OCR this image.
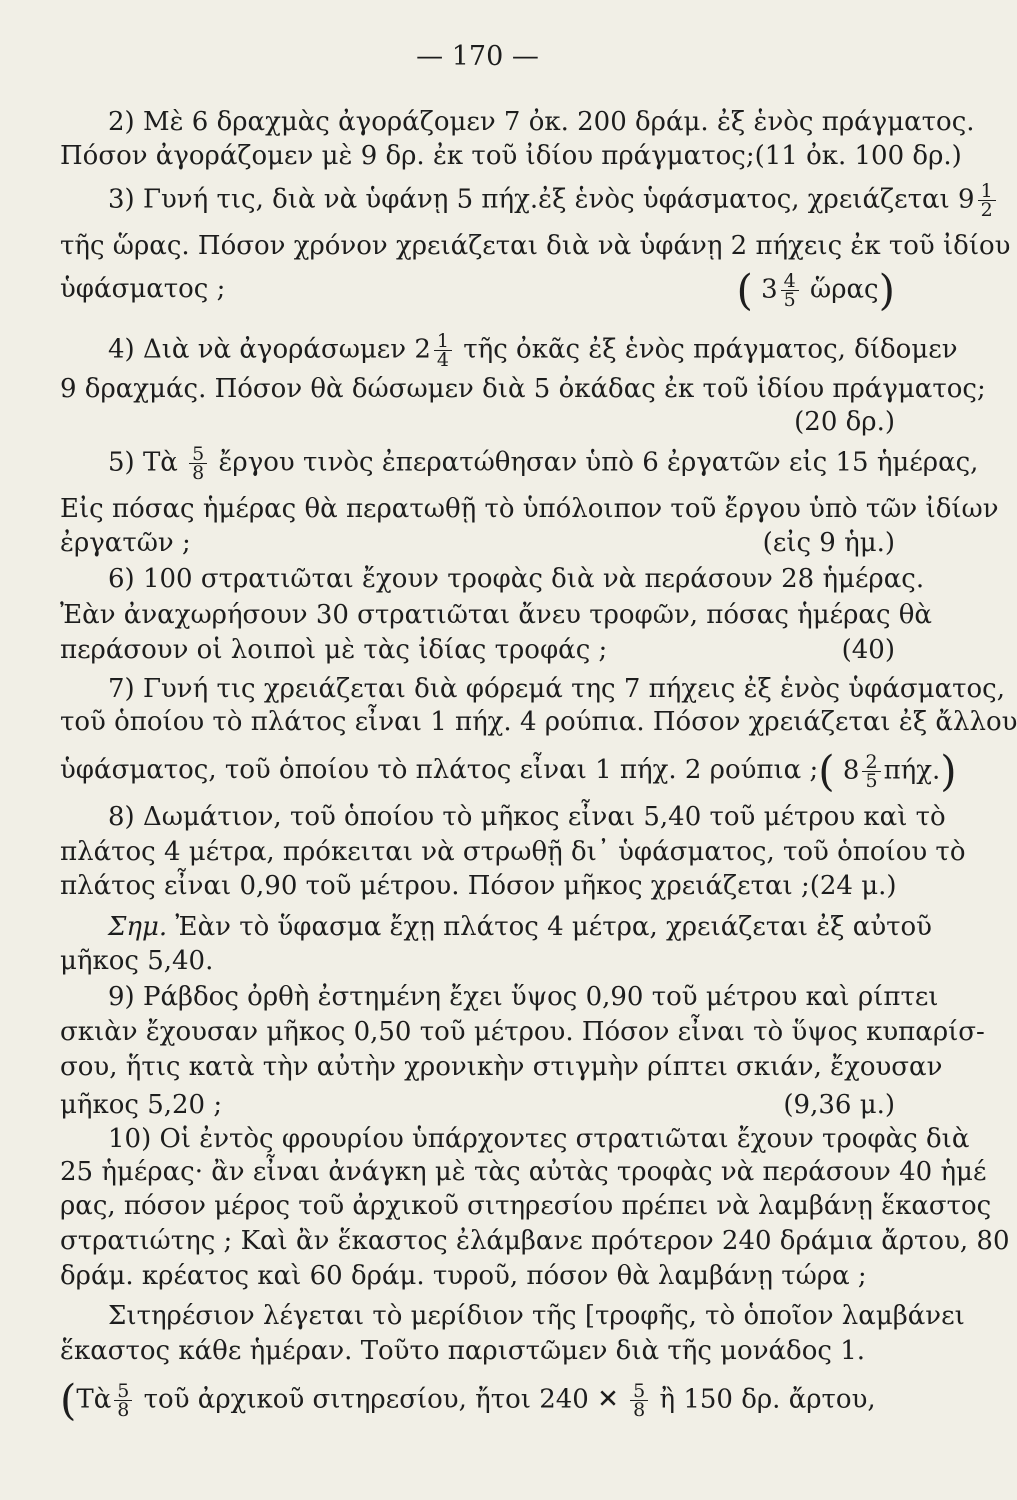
— 170 —
2) Μὲ 6 δραχμὰς ἀγοράζομεν 7 ὀκ. 200 δράμ. ἐξ ἑνὸς πράγματος.
Πόσον ἀγοράζομεν μὲ 9 δρ. ἐκ τοῦ ἰδίου πράγματος; (11 ὀκ. 100 δρ.)
3) Γυνή τις, διὰ νὰ ὑφάνῃ 5 πήχ.ἐξ ἑνὸς ὑφάσματος, χρειάζεται $9 \frac{1}{2}$
τῆς ὥρας. Πόσον χρόνον χρειάζεται διὰ νὰ ὑφάνῃ 2 πήχεις ἐκ τοῦ ἰδίου
ὑφάσματος ;	( $3 \frac{4}{5}$ ὥρας)
4) Διὰ νὰ ἀγοράσωμεν $2 \frac{1}{4}$ τῆς ὀκᾶς ἐξ ἑνὸς πράγματος, δίδομεν
9 δραχμάς. Πόσον θὰ δώσωμεν διὰ 5 ὀκάδας ἐκ τοῦ ἰδίου πράγματος;
(20 δρ.)
5) Τὰ $\frac{5}{8}$ ἔργου τινὸς ἐπερατώθησαν ὑπὸ 6 ἐργατῶν εἰς 15 ἡμέρας,
Εἰς πόσας ἡμέρας θὰ περατωθῇ τὸ ὑπόλοιπον τοῦ ἔργου ὑπὸ τῶν ἰδίων
ἐργατῶν ;	(εἰς 9 ἡμ.)
6) 100 στρατιῶται ἔχουν τροφὰς διὰ νὰ περάσουν 28 ἡμέρας.
Ἐὰν ἀναχωρήσουν 30 στρατιῶται ἄνευ τροφῶν, πόσας ἡμέρας θὰ
περάσουν οἱ λοιποὶ μὲ τὰς ἰδίας τροφάς ;	(40)
7) Γυνή τις χρειάζεται διὰ φόρεμά της 7 πήχεις ἐξ ἑνὸς ὑφάσματος,
τοῦ ὁποίου τὸ πλάτος εἶναι 1 πήχ. 4 ρούπια. Πόσον χρειάζεται ἐξ ἄλλου
ὑφάσματος, τοῦ ὁποίου τὸ πλάτος εἶναι 1 πήχ. 2 ρούπια ; ( $8 \frac{2}{5} \pi ή\chi$.)
8) Δωμάτιον, τοῦ ὁποίου τὸ μῆκος εἶναι 5,40 τοῦ μέτρου καὶ τὸ
πλάτος 4 μέτρα, πρόκειται νὰ στρωθῇ δι᾽ ὑφάσματος, τοῦ ὁποίου τὸ
πλάτος εἶναι 0,90 τοῦ μέτρου. Πόσον μῆκος χρειάζεται ; (24 μ.)
Σημ. Ἐὰν τὸ ὕφασμα ἔχῃ πλάτος 4 μέτρα, χρειάζεται ἐξ αὐτοῦ
μῆκος 5,40.
9) Ράβδος ὀρθὴ ἐστημένη ἔχει ὕψος 0,90 τοῦ μέτρου καὶ ρίπτει
σκιὰν ἔχουσαν μῆκος 0,50 τοῦ μέτρου. Πόσον εἶναι τὸ ὕψος κυπαρίσ-
σου, ἥτις κατὰ τὴν αὐτὴν χρονικὴν στιγμὴν ρίπτει σκιάν, ἔχουσαν
μῆκος 5,20 ;	(9,36 μ.)
10) Οἱ ἐντὸς φρουρίου ὑπάρχοντες στρατιῶται ἔχουν τροφὰς διὰ
25 ἡμέρας· ἂν εἶναι ἀνάγκη μὲ τὰς αὐτὰς τροφὰς νὰ περάσουν 40 ἡμέ
ρας, πόσον μέρος τοῦ ἀρχικοῦ σιτηρεσίου πρέπει νὰ λαμβάνῃ ἕκαστος
στρατιώτης ; Καὶ ἂν ἕκαστος ἐλάμβανε πρότερον 240 δράμια ἄρτου, 80
δράμ. κρέατος καὶ 60 δράμ. τυροῦ, πόσον θὰ λαμβάνῃ τώρα ;
Σιτηρέσιον λέγεται τὸ μερίδιον τῆς [τροφῆς, τὸ ὁποῖον λαμβάνει
ἕκαστος κάθε ἡμέραν. Τοῦτο παριστῶμεν διὰ τῆς μονάδος 1.
(Τὰ $\frac{5}{8}$ τοῦ ἀρχικοῦ σιτηρεσίου, ἤτοι 240 ✕ $\frac{5}{8}$ ἢ 150 δρ. ἄρτου,
